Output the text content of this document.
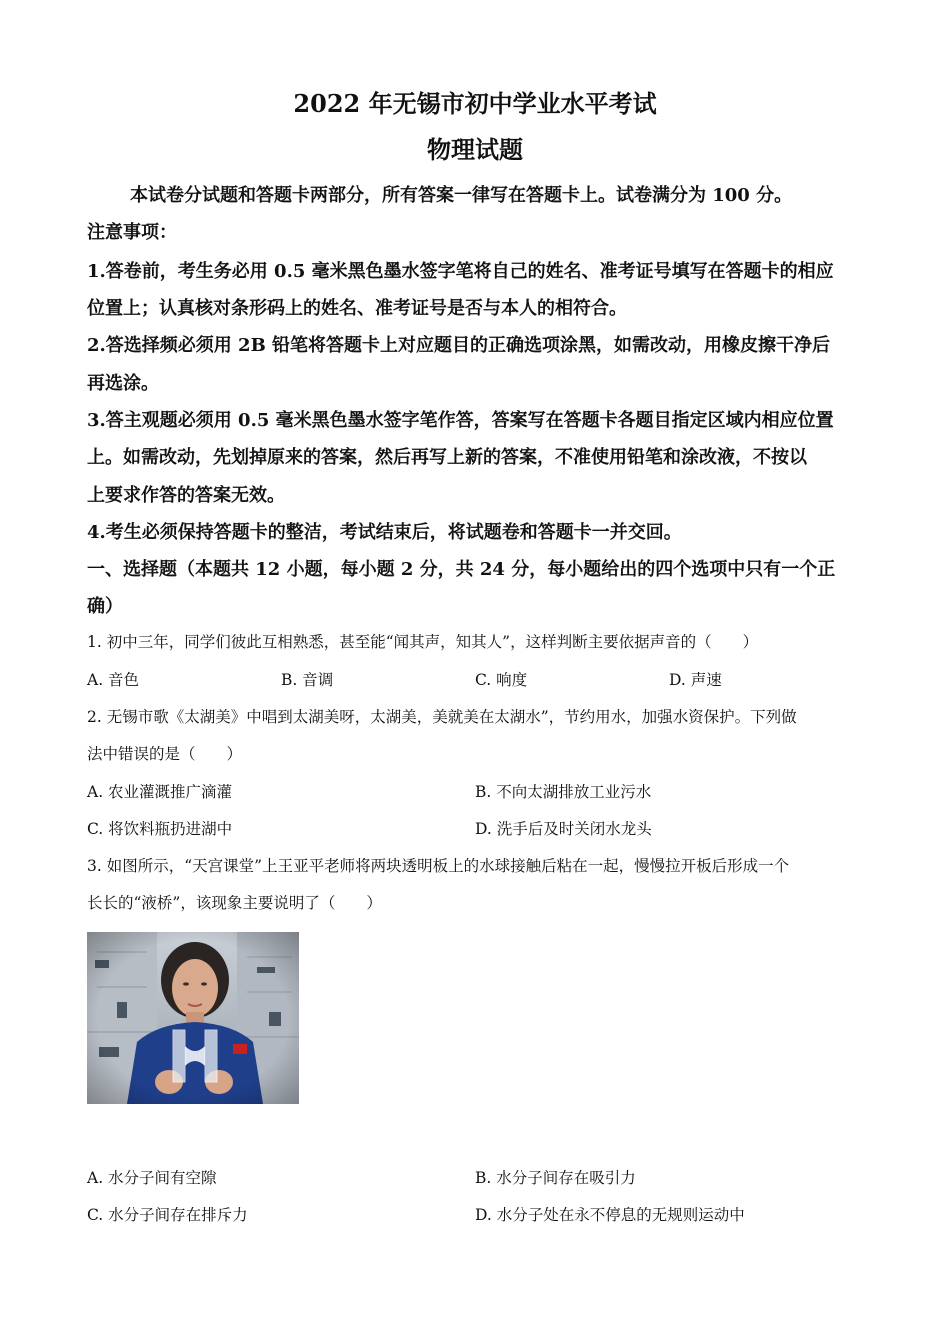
2022 年无锡市初中学业水平考试
物理试题
本试卷分试题和答题卡两部分，所有答案一律写在答题卡上。试卷满分为 100 分。
注意事项：
1.答卷前，考生务必用 0.5 毫米黑色墨水签字笔将自己的姓名、准考证号填写在答题卡的相应
位置上；认真核对条形码上的姓名、准考证号是否与本人的相符合。
2.答选择频必须用 2B 铅笔将答题卡上对应题目的正确选项涂黑，如需改动，用橡皮擦干净后
再选涂。
3.答主观题必须用 0.5 毫米黑色墨水签字笔作答，答案写在答题卡各题目指定区域内相应位置
上。如需改动，先划掉原来的答案，然后再写上新的答案，不准使用铅笔和涂改液，不按以
上要求作答的答案无效。
4.考生必须保持答题卡的整洁，考试结束后，将试题卷和答题卡一并交回。
一、选择题（本题共 12 小题，每小题 2 分，共 24 分，每小题给出的四个选项中只有一个正
确）
1. 初中三年，同学们彼此互相熟悉，甚至能“闻其声，知其人”，这样判断主要依据声音的（　　）
A. 音色	B. 音调	C. 响度	D. 声速
2. 无锡市歌《太湖美》中唱到太湖美呀，太湖美，美就美在太湖水”，节约用水，加强水资保护。下列做
法中错误的是（　　）
A. 农业灌溉推广滴灌	B. 不向太湖排放工业污水
C. 将饮料瓶扔进湖中	D. 洗手后及时关闭水龙头
3. 如图所示，“天宫课堂”上王亚平老师将两块透明板上的水球接触后粘在一起，慢慢拉开板后形成一个
长长的“液桥”，该现象主要说明了（　　）
A. 水分子间有空隙	B. 水分子间存在吸引力
C. 水分子间存在排斥力	D. 水分子处在永不停息的无规则运动中
